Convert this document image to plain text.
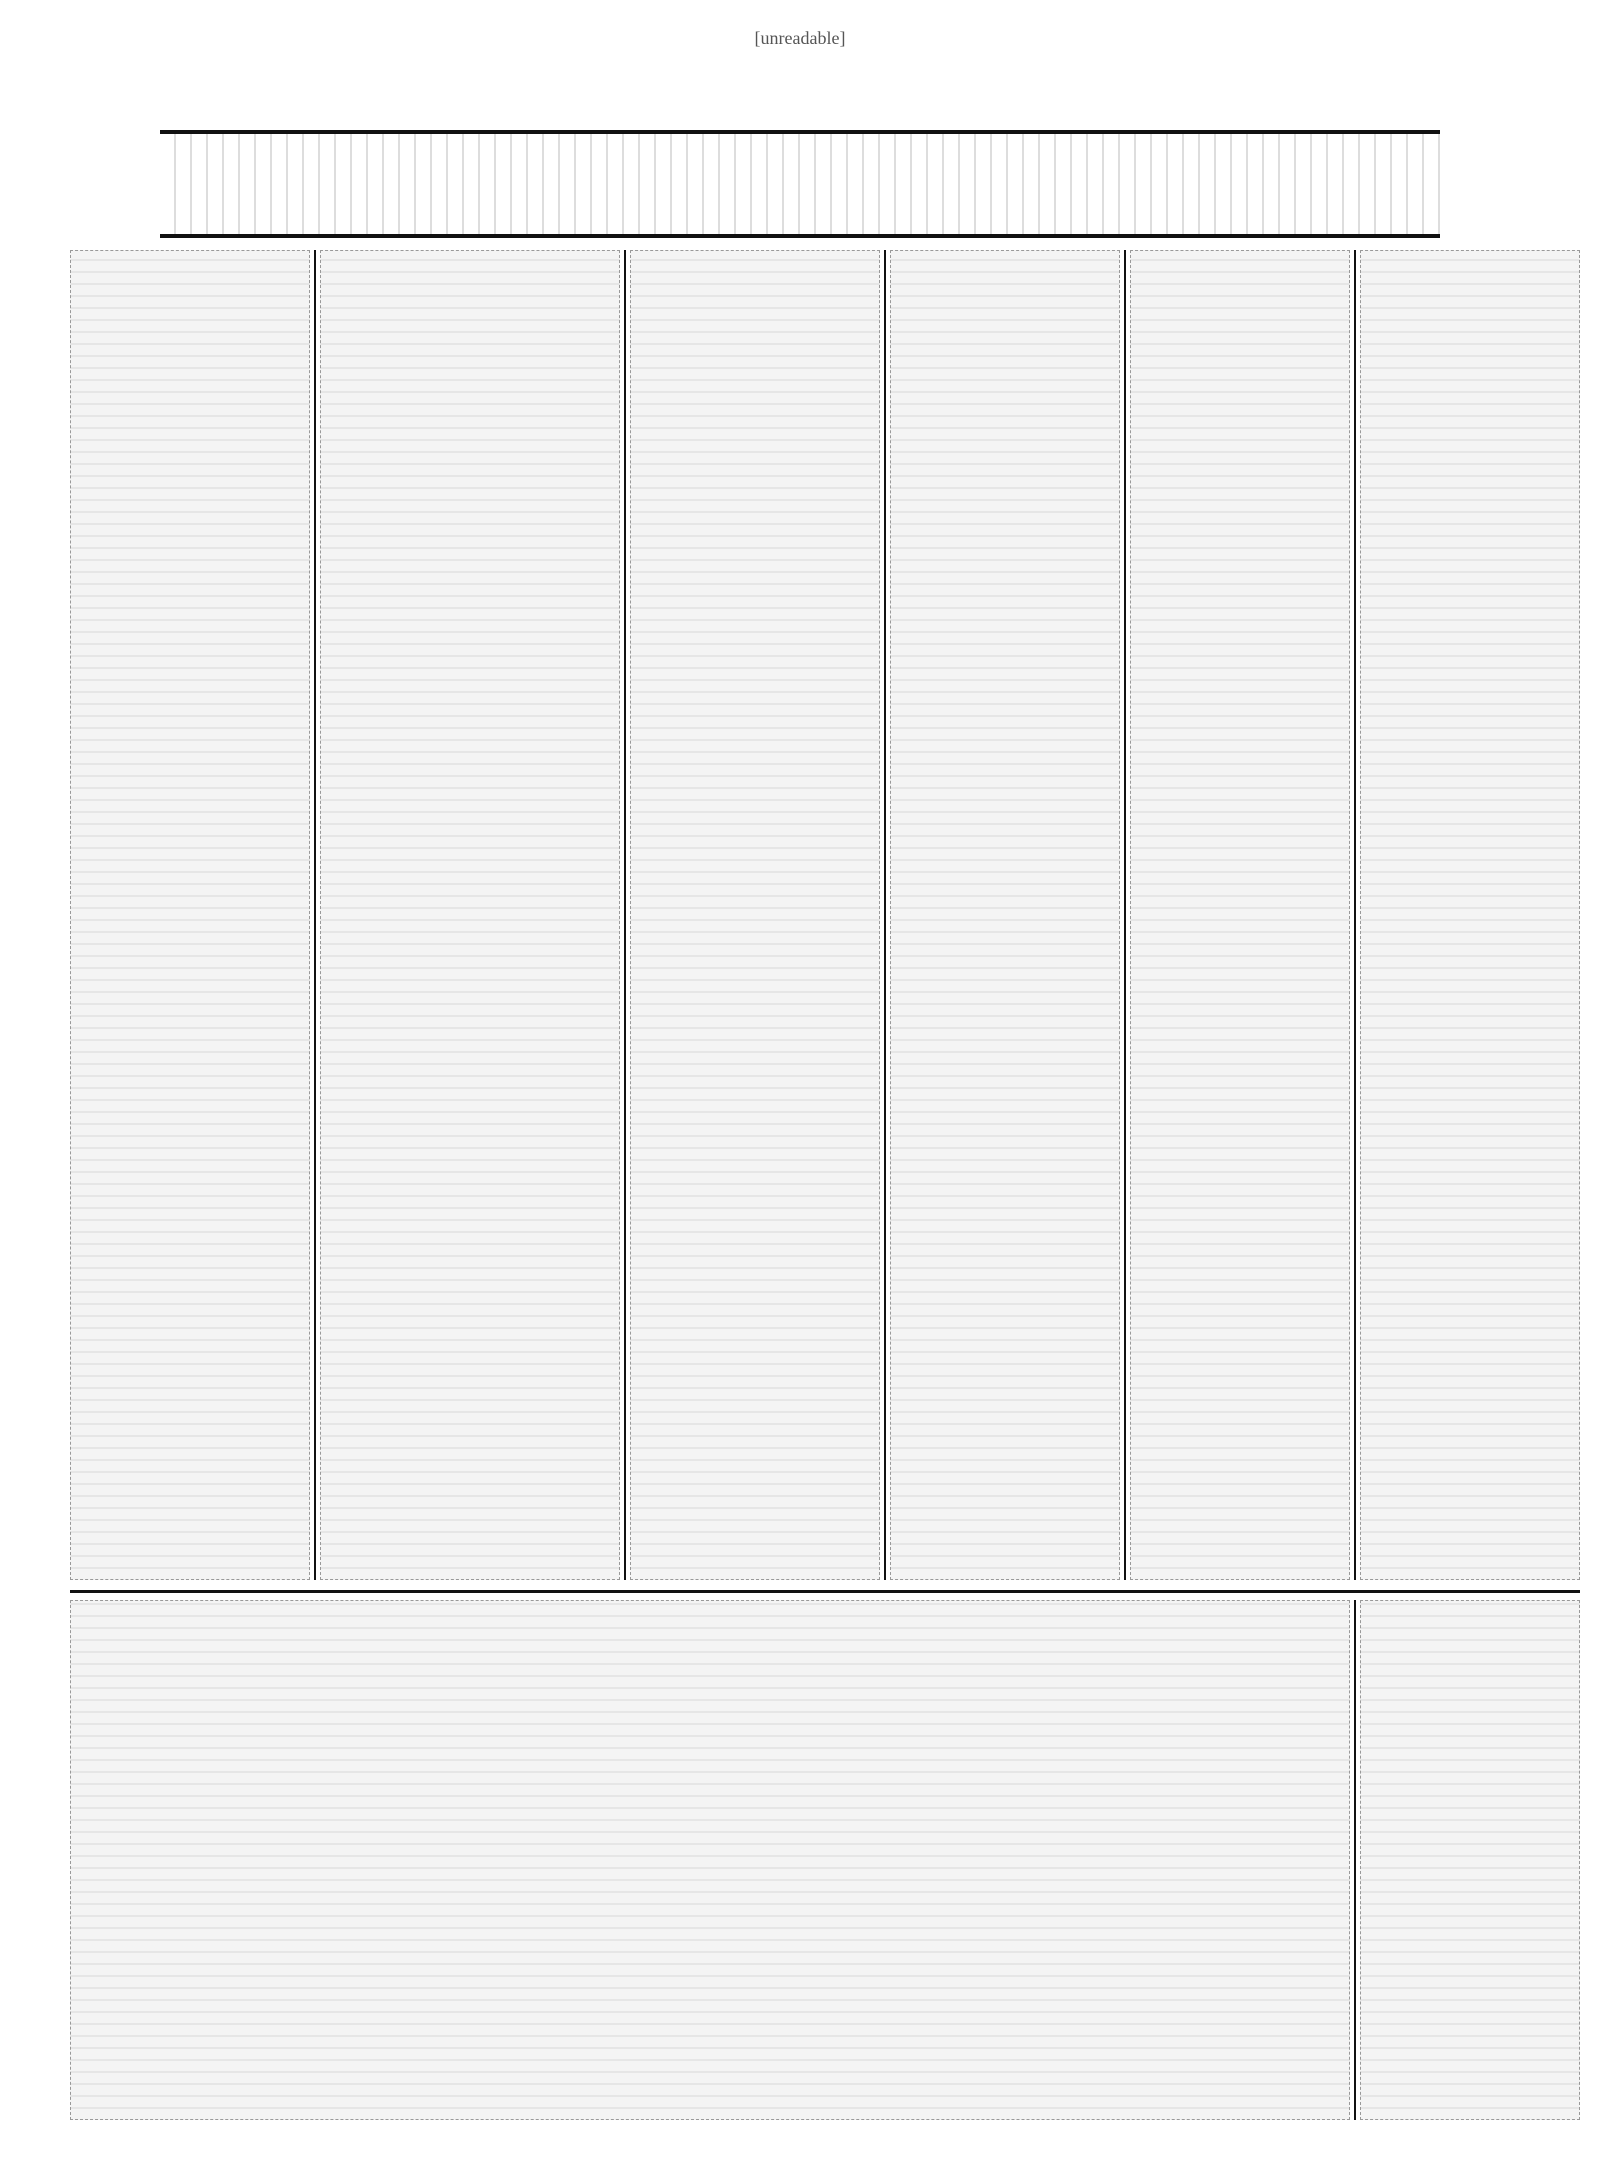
[unreadable]
